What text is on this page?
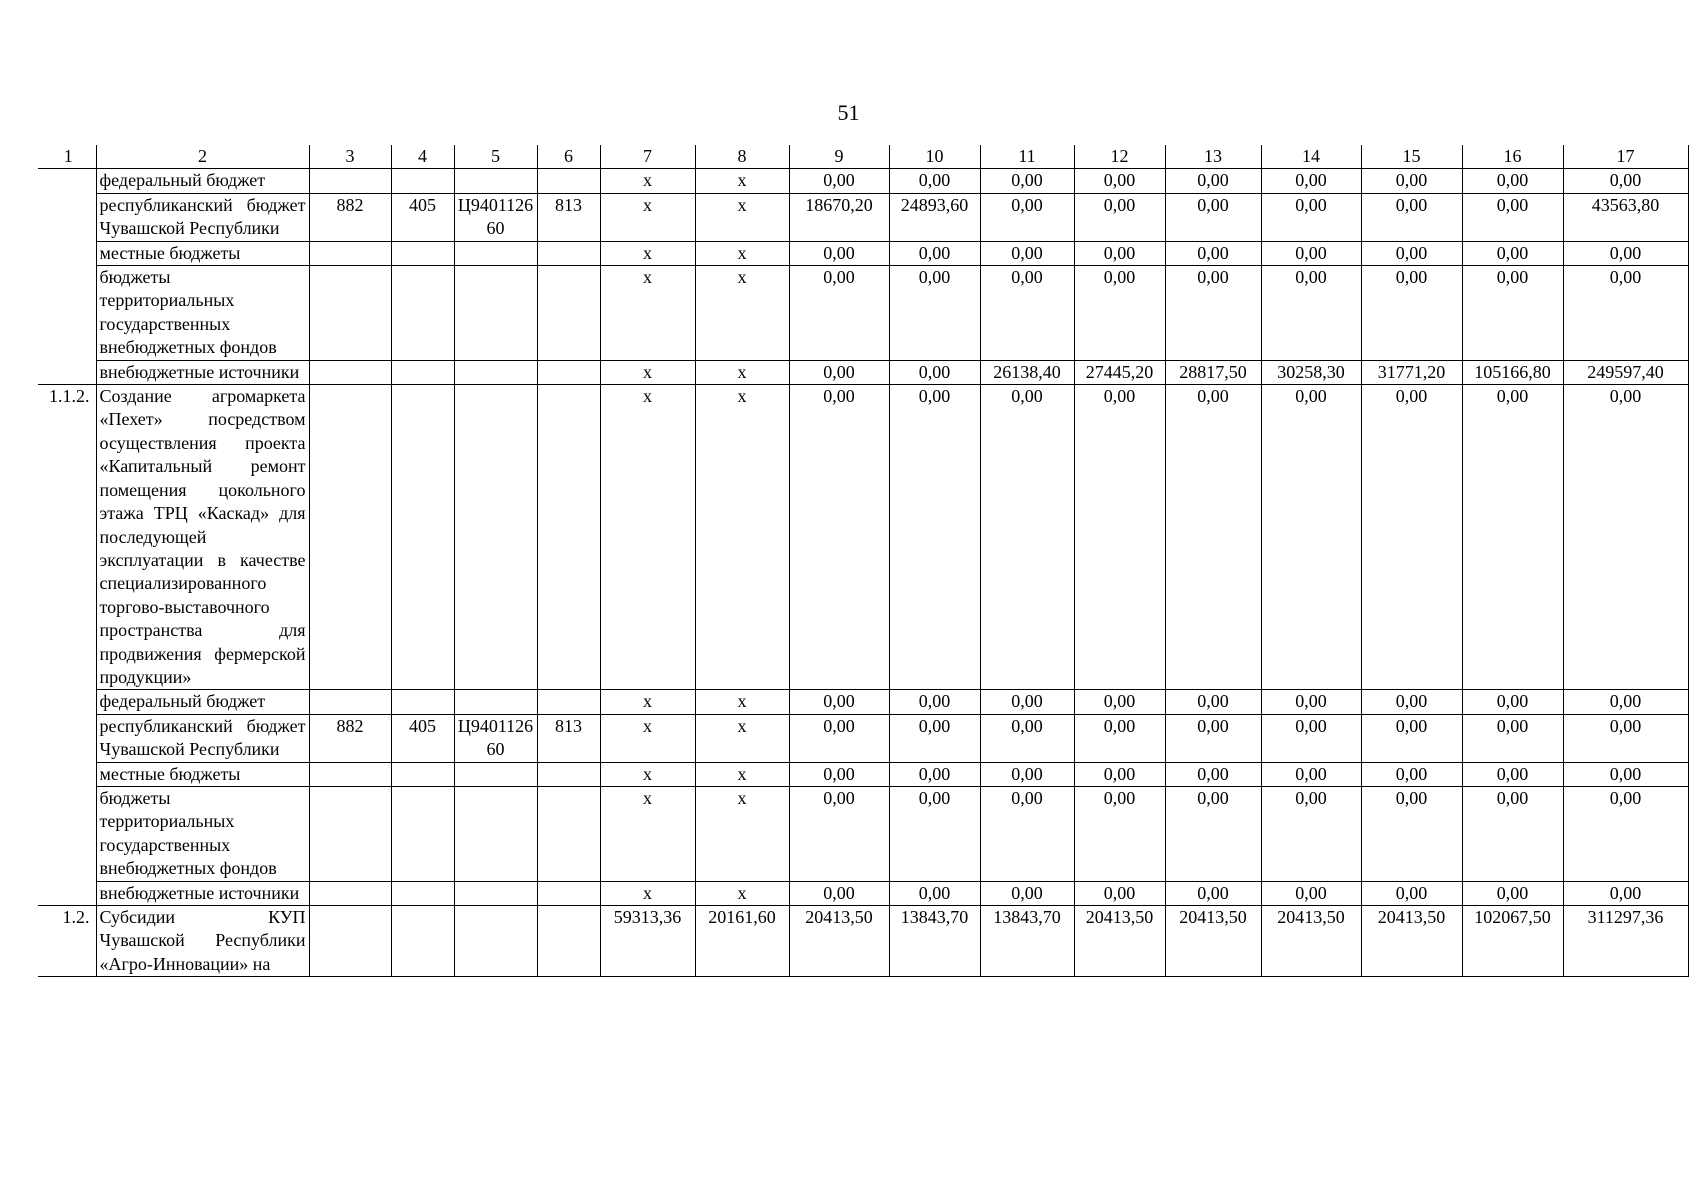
51
1	2	3	4	5	6	7	8	9	10	11	12	13	14	15	16	17
	федеральный бюджет					x	x	0,00	0,00	0,00	0,00	0,00	0,00	0,00	0,00	0,00
	республиканский бюджет Чувашской Республики	882	405	Ц940112660	813	x	x	18670,20	24893,60	0,00	0,00	0,00	0,00	0,00	0,00	43563,80
	местные бюджеты					x	x	0,00	0,00	0,00	0,00	0,00	0,00	0,00	0,00	0,00
	бюджеты территориальных государственных внебюджетных фондов					x	x	0,00	0,00	0,00	0,00	0,00	0,00	0,00	0,00	0,00
	внебюджетные источники					x	x	0,00	0,00	26138,40	27445,20	28817,50	30258,30	31771,20	105166,80	249597,40
1.1.2.	Создание агромаркета «Пехет» посредством осуществления проекта «Капитальный ремонт помещения цокольного этажа ТРЦ «Каскад» для последующей эксплуатации в качестве специализированного торгово-выставочного пространства для продвижения фермерской продукции»					x	x	0,00	0,00	0,00	0,00	0,00	0,00	0,00	0,00	0,00
	федеральный бюджет					x	x	0,00	0,00	0,00	0,00	0,00	0,00	0,00	0,00	0,00
	республиканский бюджет Чувашской Республики	882	405	Ц940112660	813	x	x	0,00	0,00	0,00	0,00	0,00	0,00	0,00	0,00	0,00
	местные бюджеты					x	x	0,00	0,00	0,00	0,00	0,00	0,00	0,00	0,00	0,00
	бюджеты территориальных государственных внебюджетных фондов					x	x	0,00	0,00	0,00	0,00	0,00	0,00	0,00	0,00	0,00
	внебюджетные источники					x	x	0,00	0,00	0,00	0,00	0,00	0,00	0,00	0,00	0,00
1.2.	Субсидии КУП Чувашской Республики «Агро-Инновации» на					59313,36	20161,60	20413,50	13843,70	13843,70	20413,50	20413,50	20413,50	20413,50	102067,50	311297,36
